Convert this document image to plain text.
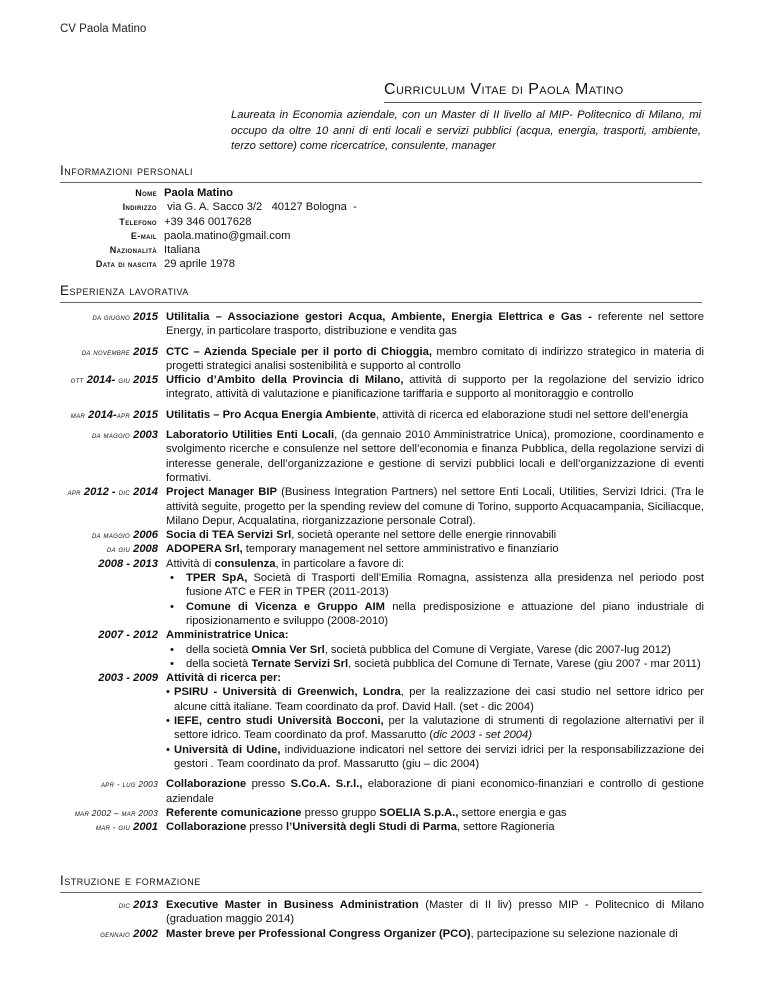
CV Paola Matino
Curriculum Vitae di Paola Matino
Laureata in Economia aziendale, con un Master di II livello al MIP- Politecnico di Milano, mi occupo da oltre 10 anni di enti locali e servizi pubblici (acqua, energia, trasporti, ambiente, terzo settore) come ricercatrice, consulente, manager
Informazioni personali
Nome Paola Matino
Indirizzo via G. A. Sacco 3/2   40127 Bologna  -
Telefono +39 346 0017628
E-mail paola.matino@gmail.com
Nazionalità Italiana
Data di nascita 29 aprile 1978
Esperienza lavorativa
da giugno 2015 Utilitalia – Associazione gestori Acqua, Ambiente, Energia Elettrica e Gas - referente nel settore Energy, in particolare trasporto, distribuzione e vendita gas
da novembre 2015 CTC – Azienda Speciale per il porto di Chioggia, membro comitato di indirizzo strategico in materia di progetti strategici analisi sostenibilità e supporto al controllo
ott 2014- giu 2015 Ufficio d’Ambito della Provincia di Milano, attività di supporto per la regolazione del servizio idrico integrato, attività di valutazione e pianificazione tariffaria e supporto al monitoraggio e controllo
mar 2014-apr 2015 Utilitatis – Pro Acqua Energia Ambiente, attività di ricerca ed elaborazione studi nel settore dell’energia
da maggio 2003 Laboratorio Utilities Enti Locali, (da gennaio 2010 Amministratrice Unica), promozione, coordinamento e svolgimento ricerche e consulenze nel settore dell’economia e finanza Pubblica, della regolazione servizi di interesse generale, dell’organizzazione e gestione di servizi pubblici locali e dell’organizzazione di eventi formativi.
apr 2012 - dic 2014 Project Manager BIP (Business Integration Partners) nel settore Enti Locali, Utilities, Servizi Idrici. (Tra le attività seguite, progetto per la spending review del comune di Torino, supporto Acquacampania, Siciliacque, Milano Depur, Acqualatina, riorganizzazione personale Cotral).
da maggio 2006 Socia di TEA Servizi Srl, società operante nel settore delle energie rinnovabili
da giu 2008 ADOPERA Srl, temporary management nel settore amministrativo e finanziario
2008 - 2013 Attività di consulenza, in particolare a favore di:
• TPER SpA, Società di Trasporti dell’Emilia Romagna, assistenza alla presidenza nel periodo post fusione ATC e FER in TPER (2011-2013)
• Comune di Vicenza e Gruppo AIM nella predisposizione e attuazione del piano industriale di riposizionamento e sviluppo (2008-2010)
2007 - 2012 Amministratrice Unica:
• della società Omnia Ver Srl, società pubblica del Comune di Vergiate, Varese (dic 2007-lug 2012)
• della società Ternate Servizi Srl, società pubblica del Comune di Ternate, Varese (giu 2007 - mar 2011)
2003 - 2009 Attività di ricerca per:
• PSIRU - Università di Greenwich, Londra, per la realizzazione dei casi studio nel settore idrico per alcune città italiane. Team coordinato da prof. David Hall. (set - dic 2004)
• IEFE, centro studi Università Bocconi, per la valutazione di strumenti di regolazione alternativi per il settore idrico. Team coordinato da prof. Massarutto (dic 2003 - set 2004)
• Università di Udine, individuazione indicatori nel settore dei servizi idrici per la responsabilizzazione dei gestori . Team coordinato da prof. Massarutto (giu – dic 2004)
apr - lug 2003 Collaborazione presso S.Co.A. S.r.l., elaborazione di piani economico-finanziari e controllo di gestione aziendale
mar 2002 – mar 2003 Referente comunicazione presso gruppo SOELIA S.p.A., settore energia e gas
mar - giu 2001 Collaborazione presso l’Università degli Studi di Parma, settore Ragioneria
Istruzione e formazione
dic 2013 Executive Master in Business Administration (Master di II liv) presso MIP - Politecnico di Milano (graduation maggio 2014)
gennaio 2002 Master breve per Professional Congress Organizer (PCO), partecipazione su selezione nazionale di
